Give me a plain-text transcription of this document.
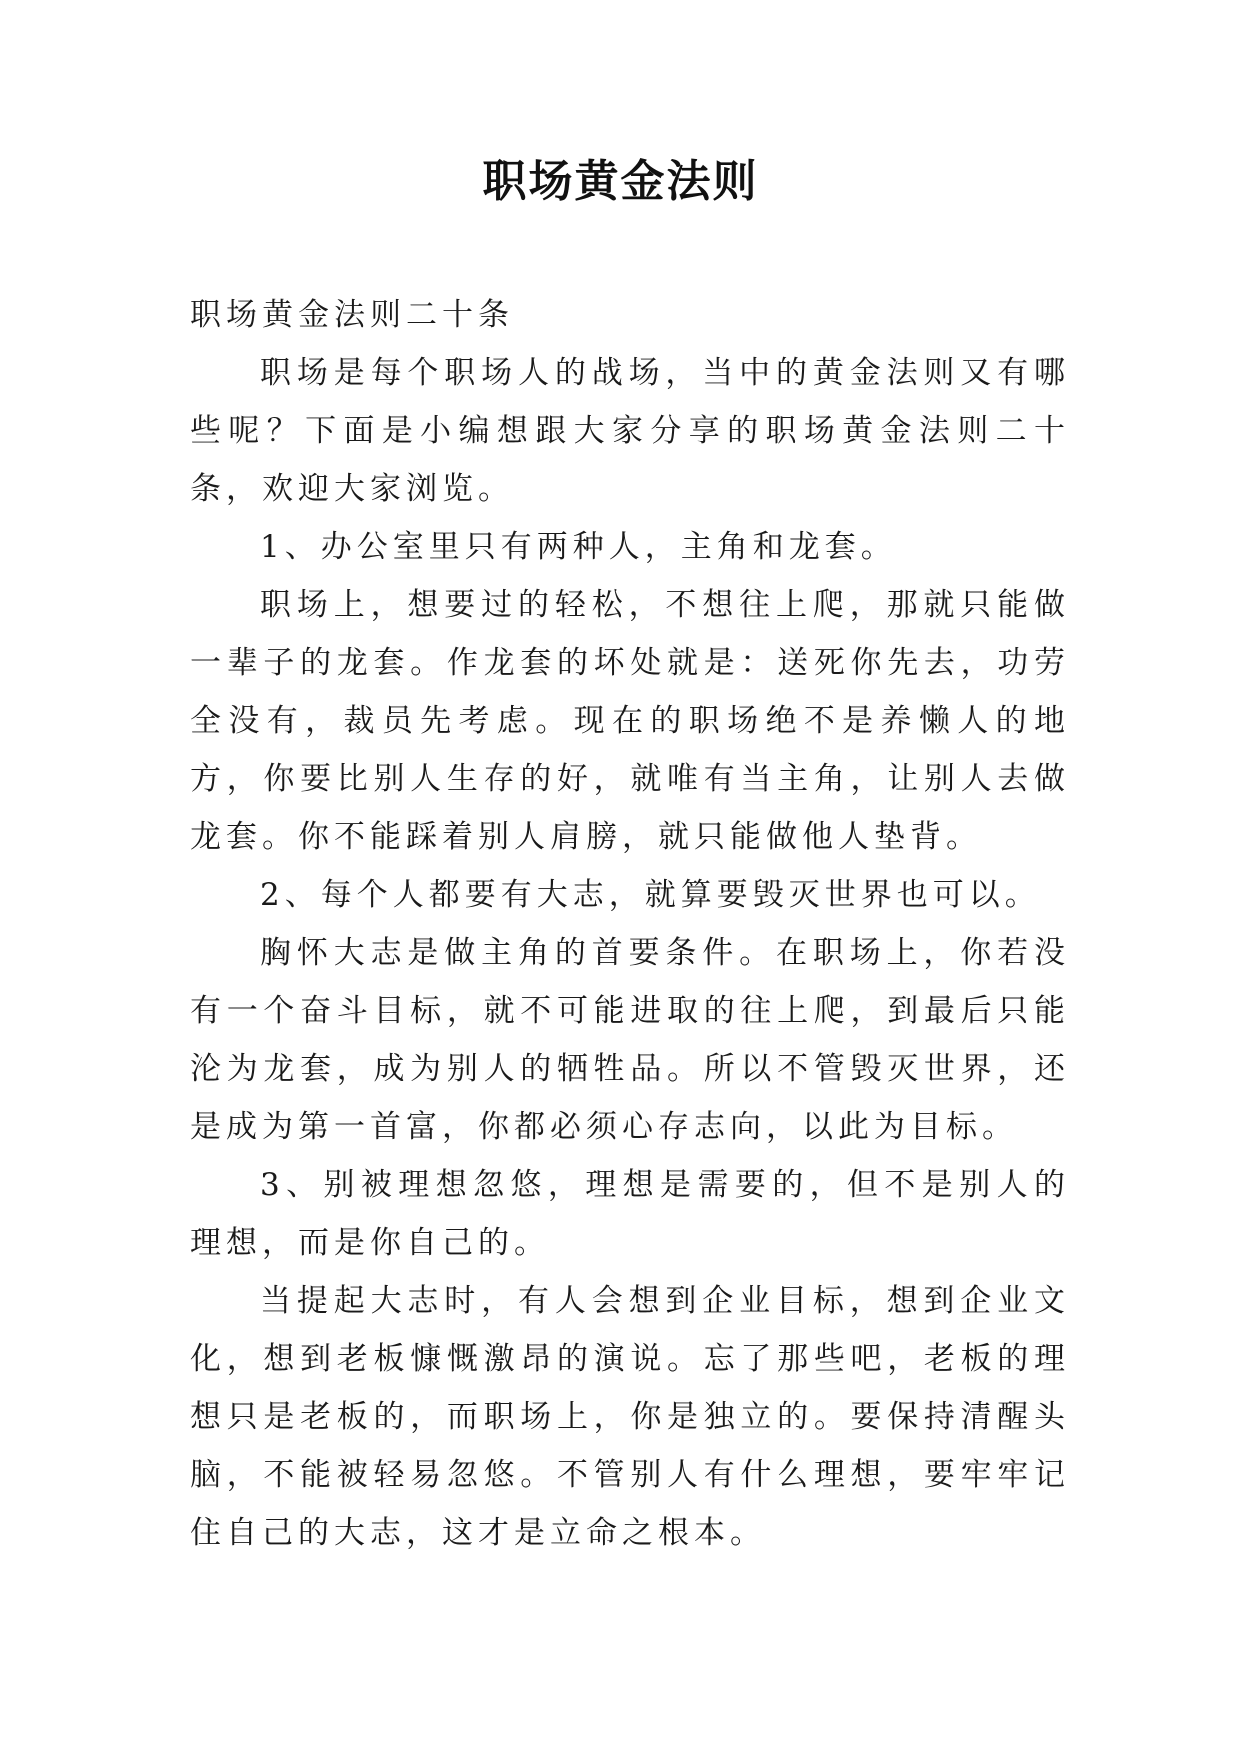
职场黄金法则

职场黄金法则二十条

职场是每个职场人的战场，当中的黄金法则又有哪些呢？下面是小编想跟大家分享的职场黄金法则二十条，欢迎大家浏览。

1、办公室里只有两种人，主角和龙套。

职场上，想要过的轻松，不想往上爬，那就只能做一辈子的龙套。作龙套的坏处就是：送死你先去，功劳全没有，裁员先考虑。现在的职场绝不是养懒人的地方，你要比别人生存的好，就唯有当主角，让别人去做龙套。你不能踩着别人肩膀，就只能做他人垫背。

2、每个人都要有大志，就算要毁灭世界也可以。

胸怀大志是做主角的首要条件。在职场上，你若没有一个奋斗目标，就不可能进取的往上爬，到最后只能沦为龙套，成为别人的牺牲品。所以不管毁灭世界，还是成为第一首富，你都必须心存志向，以此为目标。

3、别被理想忽悠，理想是需要的，但不是别人的理想，而是你自己的。

当提起大志时，有人会想到企业目标，想到企业文化，想到老板慷慨激昂的演说。忘了那些吧，老板的理想只是老板的，而职场上，你是独立的。要保持清醒头脑，不能被轻易忽悠。不管别人有什么理想，要牢牢记住自己的大志，这才是立命之根本。
